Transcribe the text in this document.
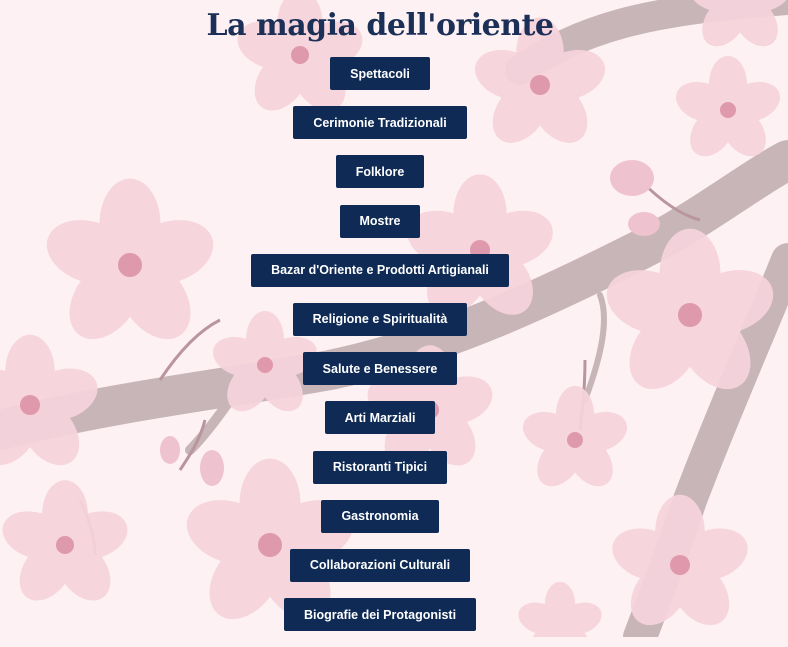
La magia dell'oriente
Spettacoli
Cerimonie Tradizionali
Folklore
Mostre
Bazar d'Oriente e Prodotti Artigianali
Religione e Spiritualità
Salute e Benessere
Arti Marziali
Ristoranti Tipici
Gastronomia
Collaborazioni Culturali
Biografie dei Protagonisti
